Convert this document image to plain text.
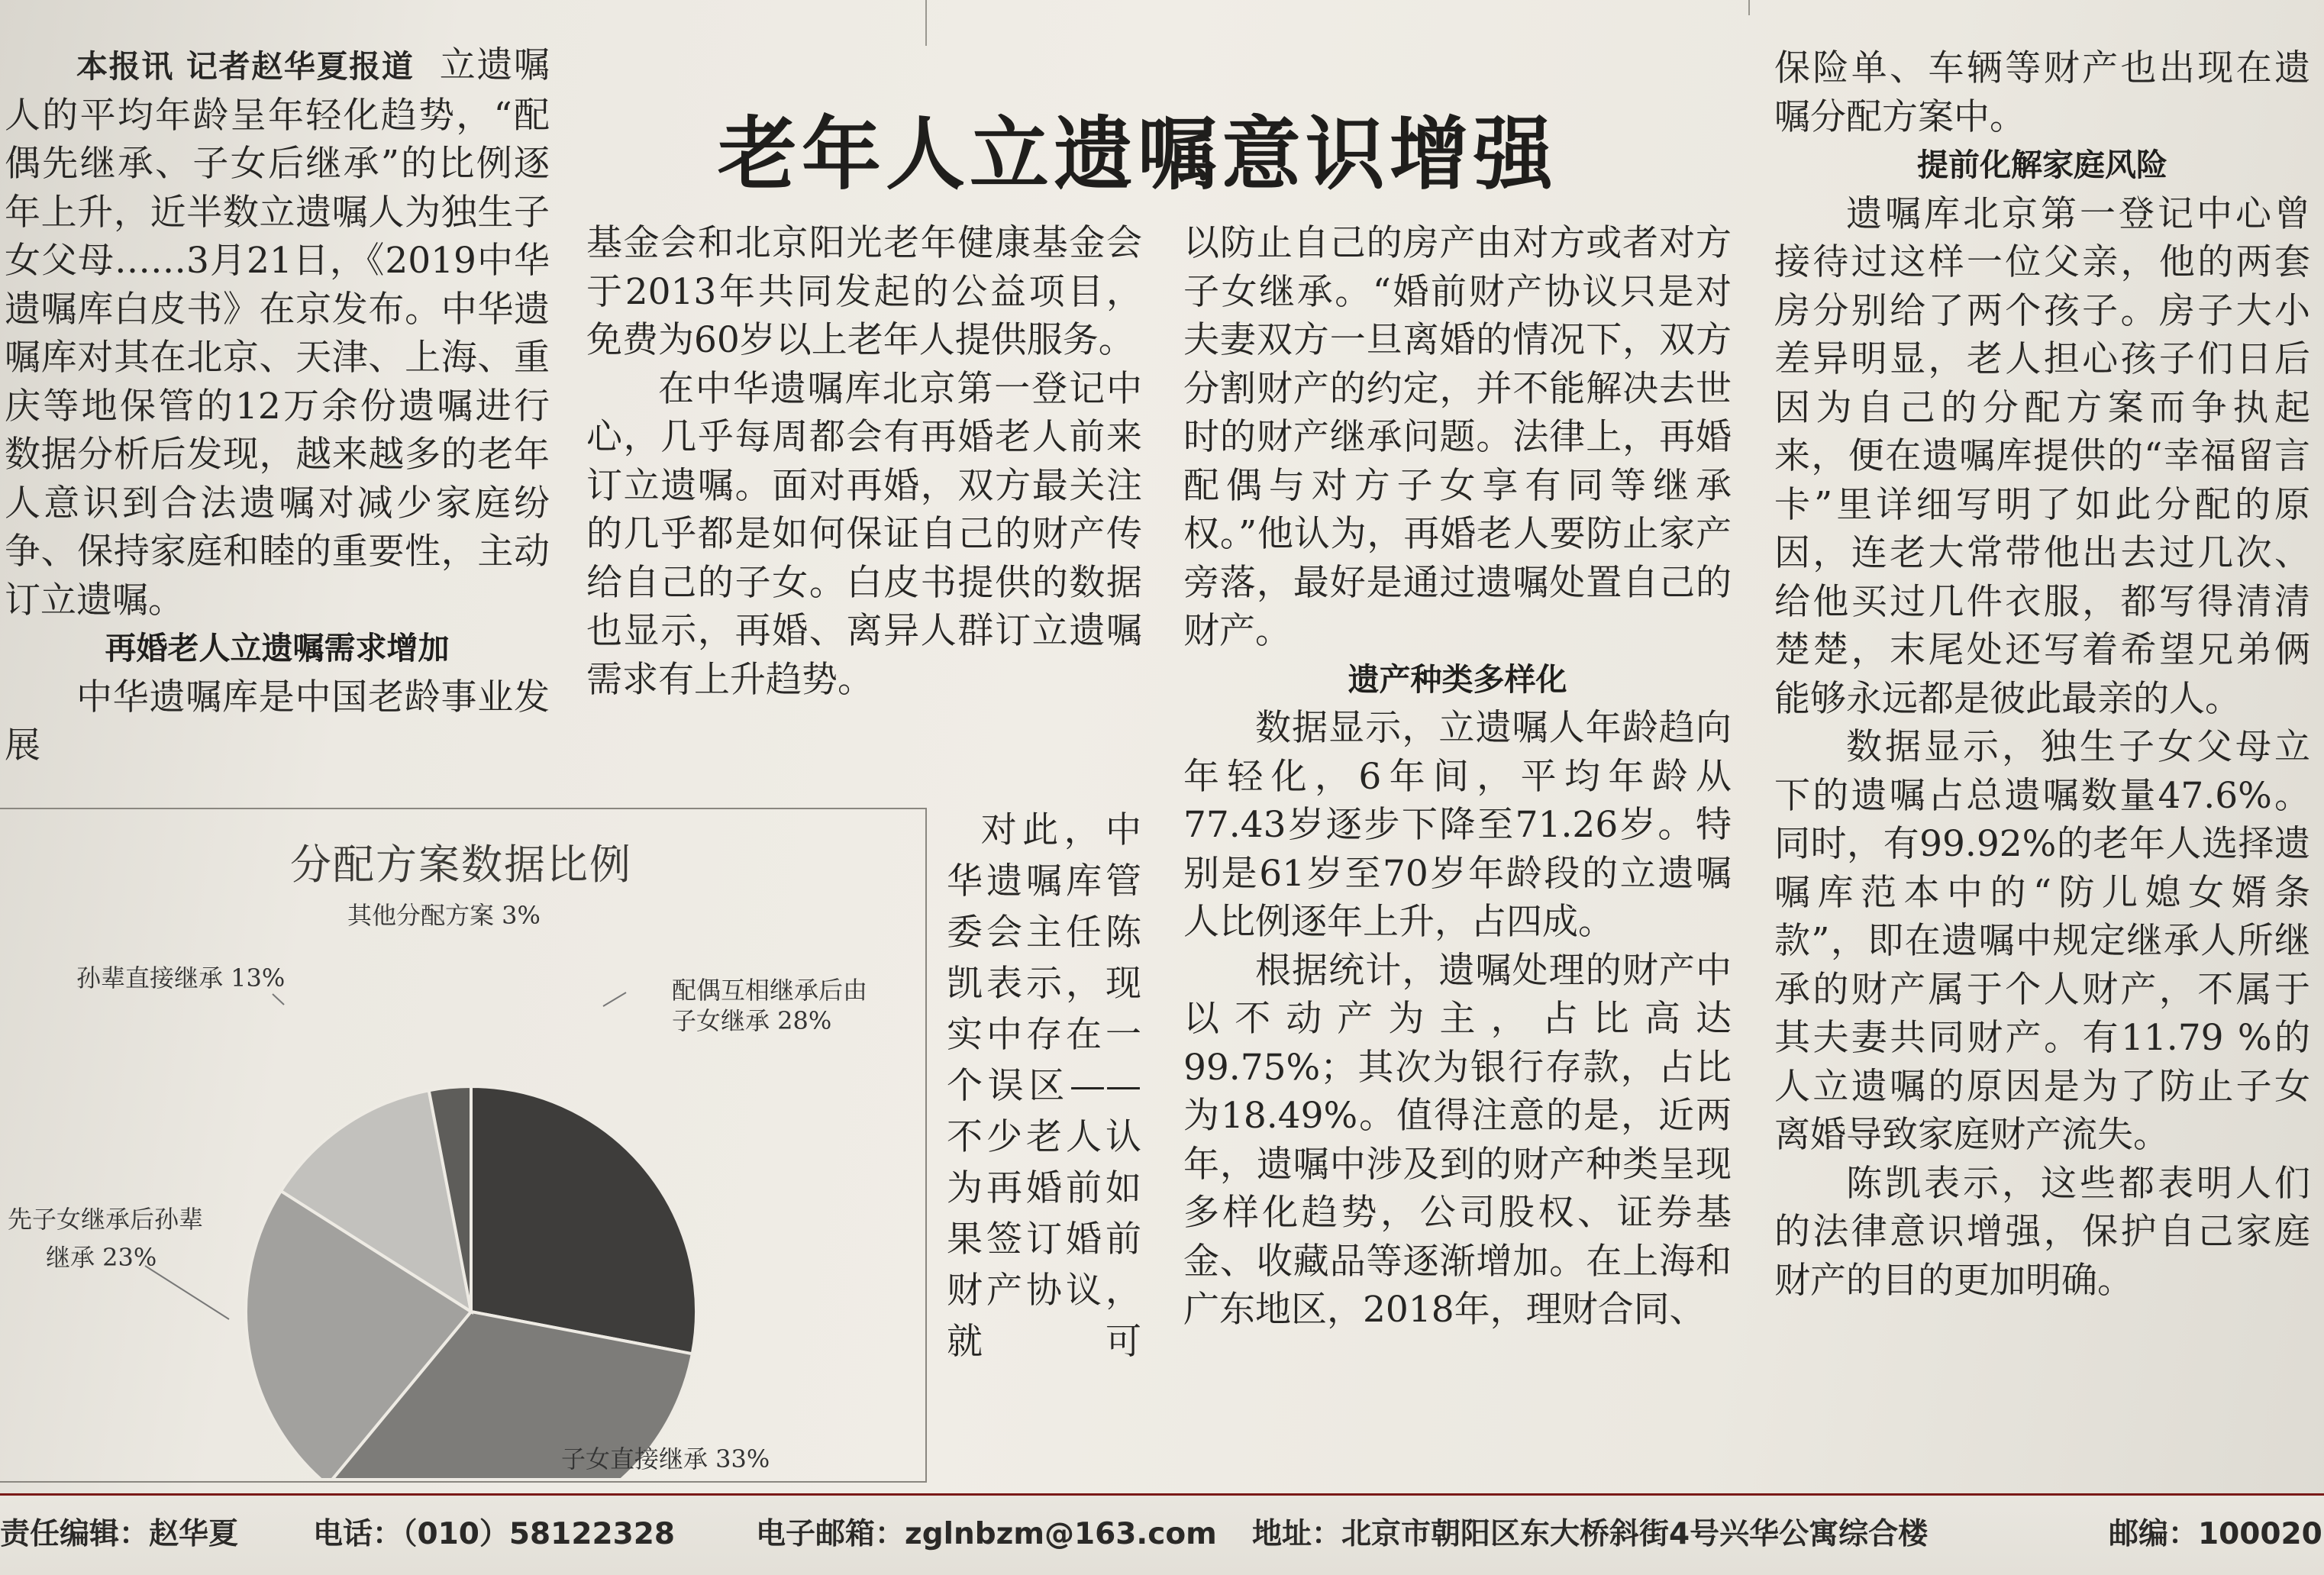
老年人立遗嘱意识增强

本报讯 记者赵华夏报道 立遗嘱人的平均年龄呈年轻化趋势，“配偶先继承、子女后继承”的比例逐年上升，近半数立遗嘱人为独生子女父母……3月21日，《2019中华遗嘱库白皮书》在京发布。中华遗嘱库对其在北京、天津、上海、重庆等地保管的12万余份遗嘱进行数据分析后发现，越来越多的老年人意识到合法遗嘱对减少家庭纷争、保持家庭和睦的重要性，主动订立遗嘱。

再婚老人立遗嘱需求增加

中华遗嘱库是中国老龄事业发展

基金会和北京阳光老年健康基金会于2013年共同发起的公益项目，免费为60岁以上老年人提供服务。

在中华遗嘱库北京第一登记中心，几乎每周都会有再婚老人前来订立遗嘱。面对再婚，双方最关注的几乎都是如何保证自己的财产传给自己的子女。白皮书提供的数据也显示，再婚、离异人群订立遗嘱需求有上升趋势。

对此，中华遗嘱库管委会主任陈凯表示，现实中存在一个误区——不少老人认为再婚前如果签订婚前财产协议，就可

以防止自己的房产由对方或者对方子女继承。“婚前财产协议只是对夫妻双方一旦离婚的情况下，双方分割财产的约定，并不能解决去世时的财产继承问题。法律上，再婚配偶与对方子女享有同等继承权。”他认为，再婚老人要防止家产旁落，最好是通过遗嘱处置自己的财产。

遗产种类多样化

数据显示，立遗嘱人年龄趋向年轻化，6年间，平均年龄从77.43岁逐步下降至71.26岁。特别是61岁至70岁年龄段的立遗嘱人比例逐年上升，占四成。

根据统计，遗嘱处理的财产中以不动产为主，占比高达99.75%；其次为银行存款，占比为18.49%。值得注意的是，近两年，遗嘱中涉及到的财产种类呈现多样化趋势，公司股权、证券基金、收藏品等逐渐增加。在上海和广东地区，2018年，理财合同、

保险单、车辆等财产也出现在遗嘱分配方案中。

提前化解家庭风险

遗嘱库北京第一登记中心曾接待过这样一位父亲，他的两套房分别给了两个孩子。房子大小差异明显，老人担心孩子们日后因为自己的分配方案而争执起来，便在遗嘱库提供的“幸福留言卡”里详细写明了如此分配的原因，连老大常带他出去过几次、给他买过几件衣服，都写得清清楚楚，末尾处还写着希望兄弟俩能够永远都是彼此最亲的人。

数据显示，独生子女父母立下的遗嘱占总遗嘱数量47.6%。同时，有99.92%的老年人选择遗嘱库范本中的“防儿媳女婿条款”，即在遗嘱中规定继承人所继承的财产属于个人财产，不属于其夫妻共同财产。有11.79 %的人立遗嘱的原因是为了防止子女离婚导致家庭财产流失。

陈凯表示，这些都表明人们的法律意识增强，保护自己家庭财产的目的更加明确。

分配方案数据比例
配偶互相继承后由
子女继承 28%
子女直接继承 33%
先子女继承后孙辈
继承 23%
孙辈直接继承 13%
其他分配方案 3%
责任编辑：赵华夏	电话：（010）58122328	电子邮箱：zglnbzm@163.com 地址：北京市朝阳区东大桥斜街4号兴华公寓综合楼	邮编：100020
